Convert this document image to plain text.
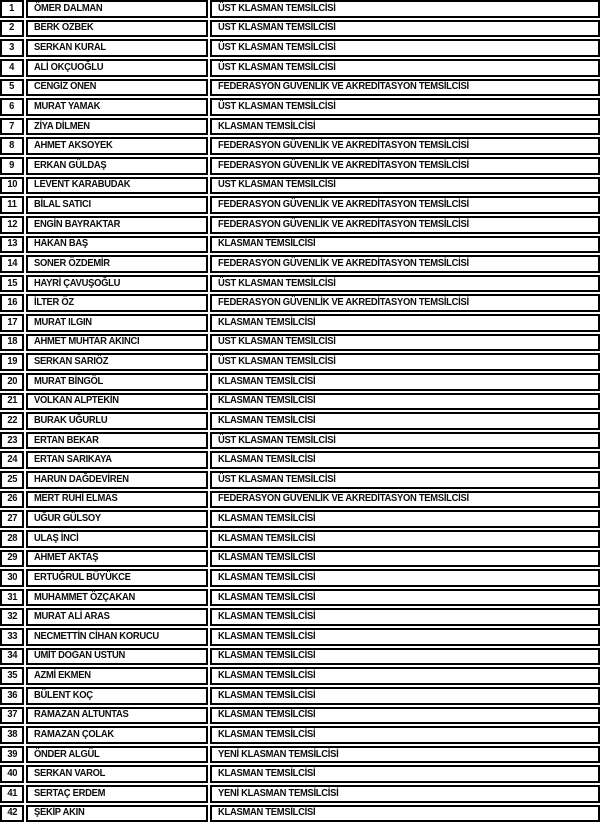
1 ÖMER DALMAN	ÜST KLASMAN TEMSİLCİSİ
2 BERK ÖZBEK	ÜST KLASMAN TEMSİLCİSİ
3 SERKAN KURAL	ÜST KLASMAN TEMSİLCİSİ
4 ALİ OKÇUOĞLU	ÜST KLASMAN TEMSİLCİSİ
5 CENGİZ ÖNEN	FEDERASYON GÜVENLİK VE AKREDİTASYON TEMSİLCİSİ
6 MURAT YAMAK	ÜST KLASMAN TEMSİLCİSİ
7 ZİYA DİLMEN	KLASMAN TEMSİLCİSİ
8 AHMET AKSOYEK	FEDERASYON GÜVENLİK VE AKREDİTASYON TEMSİLCİSİ
9 ERKAN GÜLDAŞ	FEDERASYON GÜVENLİK VE AKREDİTASYON TEMSİLCİSİ
10 LEVENT KARABUDAK	ÜST KLASMAN TEMSİLCİSİ
11 BİLAL SATICI	FEDERASYON GÜVENLİK VE AKREDİTASYON TEMSİLCİSİ
12 ENGİN BAYRAKTAR	FEDERASYON GÜVENLİK VE AKREDİTASYON TEMSİLCİSİ
13 HAKAN BAŞ	KLASMAN TEMSİLCİSİ
14 SONER ÖZDEMİR	FEDERASYON GÜVENLİK VE AKREDİTASYON TEMSİLCİSİ
15 HAYRİ ÇAVUŞOĞLU	ÜST KLASMAN TEMSİLCİSİ
16 İLTER ÖZ	FEDERASYON GÜVENLİK VE AKREDİTASYON TEMSİLCİSİ
17 MURAT ILGIN	KLASMAN TEMSİLCİSİ
18 AHMET MUHTAR AKINCI	ÜST KLASMAN TEMSİLCİSİ
19 SERKAN SARIÖZ	ÜST KLASMAN TEMSİLCİSİ
20 MURAT BİNGÖL	KLASMAN TEMSİLCİSİ
21 VOLKAN ALPTEKİN	KLASMAN TEMSİLCİSİ
22 BURAK UĞURLU	KLASMAN TEMSİLCİSİ
23 ERTAN BEKAR	ÜST KLASMAN TEMSİLCİSİ
24 ERTAN SARIKAYA	KLASMAN TEMSİLCİSİ
25 HARUN DAĞDEVİREN	ÜST KLASMAN TEMSİLCİSİ
26 MERT RUHİ ELMAS	FEDERASYON GÜVENLİK VE AKREDİTASYON TEMSİLCİSİ
27 UĞUR GÜLSOY	KLASMAN TEMSİLCİSİ
28 ULAŞ İNCİ	KLASMAN TEMSİLCİSİ
29 AHMET AKTAŞ	KLASMAN TEMSİLCİSİ
30 ERTUĞRUL BÜYÜKCE	KLASMAN TEMSİLCİSİ
31 MUHAMMET ÖZÇAKAN	KLASMAN TEMSİLCİSİ
32 MURAT ALİ ARAS	KLASMAN TEMSİLCİSİ
33 NECMETTİN CİHAN KORUCU	KLASMAN TEMSİLCİSİ
34 ÜMİT DOĞAN ÜSTÜN	KLASMAN TEMSİLCİSİ
35 AZMİ EKMEN	KLASMAN TEMSİLCİSİ
36 BÜLENT KOÇ	KLASMAN TEMSİLCİSİ
37 RAMAZAN ALTUNTAS	KLASMAN TEMSİLCİSİ
38 RAMAZAN ÇOLAK	KLASMAN TEMSİLCİSİ
39 ÖNDER ALGÜL	YENİ KLASMAN TEMSİLCİSİ
40 SERKAN VAROL	KLASMAN TEMSİLCİSİ
41 SERTAÇ ERDEM	YENİ KLASMAN TEMSİLCİSİ
42 ŞEKİP AKIN	KLASMAN TEMSİLCİSİ
